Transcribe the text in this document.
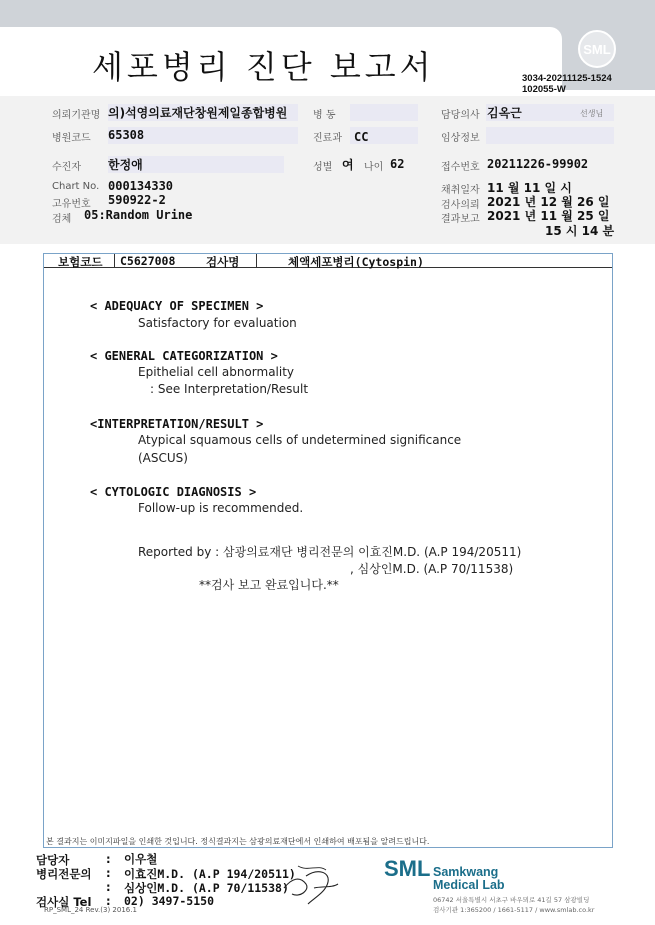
세포병리 진단 보고서	SML
3034-20211125-1524
102055-W
의뢰기관명 의)석영의료재단창원제일종합병원	병 동	담당의사 김옥근	선생님
병원코드 65308	진료과 CC	임상정보
수진자 한정애	성별 여 나이 62	접수번호 20211226-99902
Chart No. 000134330
고유번호 590922-2
검체 05:Random Urine
채취일자 11 월 11 일 시
검사의뢰 2021 년 12 월 26 일
결과보고 2021 년 11 월 25 일
15 시 14 분
보험코드 C5627008	검사명	체액세포병리(Cytospin)
< ADEQUACY OF SPECIMEN >
Satisfactory for evaluation
< GENERAL CATEGORIZATION >
Epithelial cell abnormality
: See Interpretation/Result
<INTERPRETATION/RESULT >
Atypical squamous cells of undetermined significance
(ASCUS)
< CYTOLOGIC DIAGNOSIS >
Follow-up is recommended.
Reported by : 삼광의료재단 병리전문의 이효진M.D. (A.P 194/20511)
, 심상인M.D. (A.P 70/11538)
**검사 보고 완료입니다.**
본 결과지는 이미지파일을 인쇄한 것입니다. 정식결과지는 삼광의료재단에서 인쇄하여 배포됨을 알려드립니다.
담당자	: 이우철
병리전문의 : 이효진M.D. (A.P 194/20511)
: 심상인M.D. (A.P 70/11538)
검사실 Tel : 02) 3497-5150
RP_SML_24 Rev.(3) 2016.1
SML Samkwang
Medical Lab
06742 서울특별시 서초구 바우뫼로 41길 57 삼광빌딩
검사기관 1:365200 / 1661-5117 / www.smlab.co.kr
